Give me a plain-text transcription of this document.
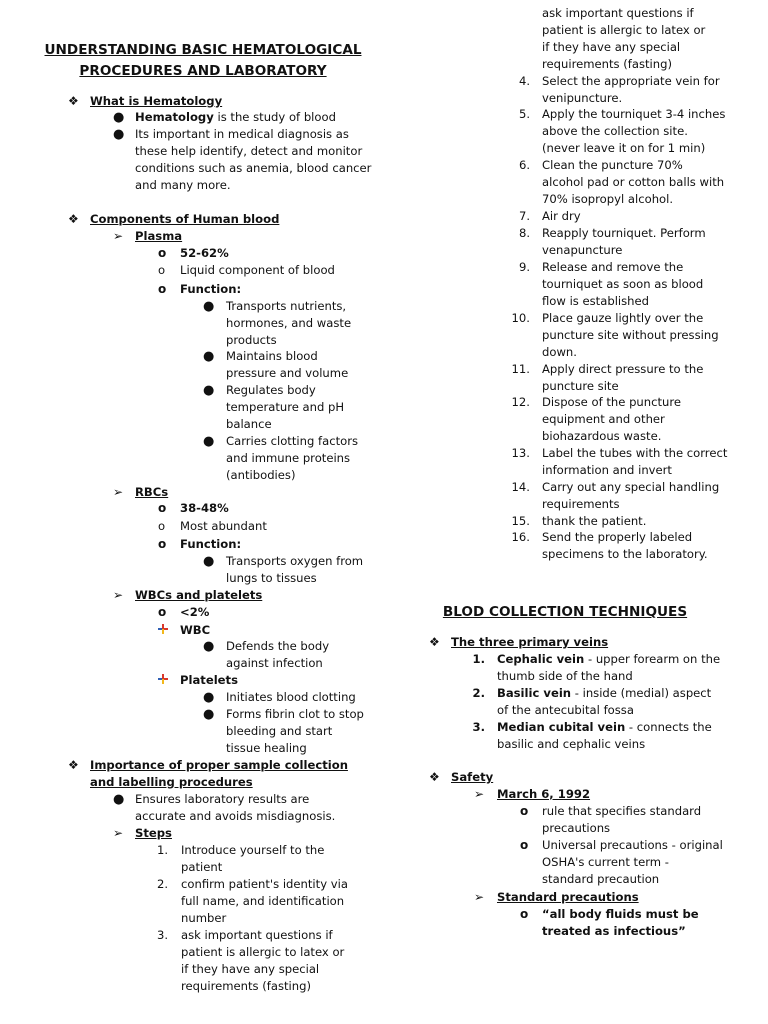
UNDERSTANDING BASIC HEMATOLOGICAL PROCEDURES AND LABORATORY
❖ What is Hematology
● Hematology is the study of blood
● Its important in medical diagnosis as these help identify, detect and monitor conditions such as anemia, blood cancer and many more.
❖ Components of Human blood
➢ Plasma
o 52-62%
o Liquid component of blood
o Function:
● Transports nutrients, hormones, and waste products
● Maintains blood pressure and volume
● Regulates body temperature and pH balance
● Carries clotting factors and immune proteins (antibodies)
➢ RBCs
o 38-48%
o Most abundant
o Function:
● Transports oxygen from lungs to tissues
➢ WBCs and platelets
o <2%
WBC
● Defends the body against infection
Platelets
● Initiates blood clotting
● Forms fibrin clot to stop bleeding and start tissue healing
❖ Importance of proper sample collection and labelling procedures
● Ensures laboratory results are accurate and avoids misdiagnosis.
➢ Steps
1. Introduce yourself to the patient
2. confirm patient's identity via full name, and identification number
3. ask important questions if patient is allergic to latex or if they have any special requirements (fasting)
ask important questions if patient is allergic to latex or if they have any special requirements (fasting)
4. Select the appropriate vein for venipuncture.
5. Apply the tourniquet 3-4 inches above the collection site. (never leave it on for 1 min)
6. Clean the puncture 70% alcohol pad or cotton balls with 70% isopropyl alcohol.
7. Air dry
8. Reapply tourniquet. Perform venapuncture
9. Release and remove the tourniquet as soon as blood flow is established
10. Place gauze lightly over the puncture site without pressing down.
11. Apply direct pressure to the puncture site
12. Dispose of the puncture equipment and other biohazardous waste.
13. Label the tubes with the correct information and invert
14. Carry out any special handling requirements
15. thank the patient.
16. Send the properly labeled specimens to the laboratory.
BLOD COLLECTION TECHNIQUES
❖ The three primary veins
1. Cephalic vein - upper forearm on the thumb side of the hand
2. Basilic vein - inside (medial) aspect of the antecubital fossa
3. Median cubital vein - connects the basilic and cephalic veins
❖ Safety
➢ March 6, 1992
o rule that specifies standard precautions
o Universal precautions - original OSHA's current term - standard precaution
➢ Standard precautions
o “all body fluids must be treated as infectious”
